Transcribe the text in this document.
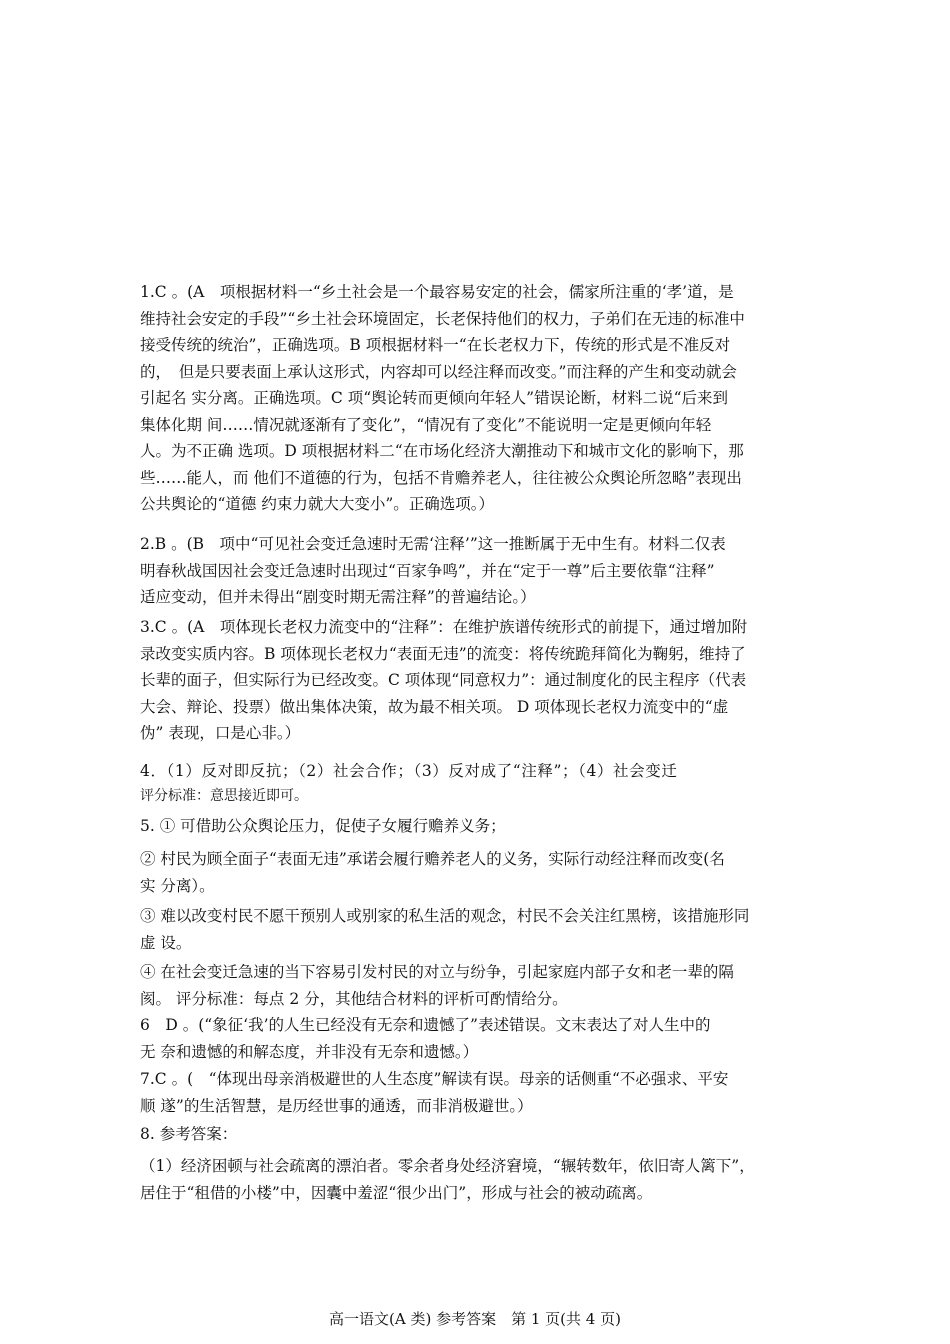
1.C 。(A　项根据材料一“乡土社会是一个最容易安定的社会，儒家所注重的‘孝’道，是
维持社会安定的手段”“乡土社会环境固定，长老保持他们的权力，子弟们在无违的标准中
接受传统的统治”，正确选项。B 项根据材料一“在长老权力下，传统的形式是不准反对
的，　但是只要表面上承认这形式，内容却可以经注释而改变。”而注释的产生和变动就会
引起名 实分离。正确选项。C 项“舆论转而更倾向年轻人”错误论断，材料二说“后来到
集体化期 间……情况就逐渐有了变化”，“情况有了变化”不能说明一定是更倾向年轻
人。为不正确 选项。D 项根据材料二“在市场化经济大潮推动下和城市文化的影响下，那
些……能人，而 他们不道德的行为，包括不肯赡养老人，往往被公众舆论所忽略”表现出
公共舆论的“道德 约束力就大大变小”。正确选项。）
2.B 。(B　项中“可见社会变迁急速时无需‘注释’”这一推断属于无中生有。材料二仅表
明春秋战国因社会变迁急速时出现过“百家争鸣”，并在“定于一尊”后主要依靠“注释”
适应变动，但并未得出“剧变时期无需注释”的普遍结论。）
3.C 。(A　项体现长老权力流变中的“注释”：在维护族谱传统形式的前提下，通过增加附
录改变实质内容。B 项体现长老权力“表面无违”的流变：将传统跪拜简化为鞠躬，维持了
长辈的面子，但实际行为已经改变。C 项体现“同意权力”：通过制度化的民主程序（代表
大会、辩论、投票）做出集体决策，故为最不相关项。 D 项体现长老权力流变中的“虚
伪” 表现，口是心非。）
4．（1）反对即反抗；（2）社会合作；（3）反对成了“注释”；（4）社会变迁
评分标准：意思接近即可。
5. ① 可借助公众舆论压力，促使子女履行赡养义务；
② 村民为顾全面子“表面无违”承诺会履行赡养老人的义务，实际行动经注释而改变(名
实 分离）。
③ 难以改变村民不愿干预别人或别家的私生活的观念，村民不会关注红黑榜，该措施形同
虚 设。
④ 在社会变迁急速的当下容易引发村民的对立与纷争，引起家庭内部子女和老一辈的隔
阂。 评分标准：每点 2 分，其他结合材料的评析可酌情给分。
6　D 。(“象征‘我’的人生已经没有无奈和遗憾了”表述错误。文末表达了对人生中的
无 奈和遗憾的和解态度，并非没有无奈和遗憾。）
7.C 。(　“体现出母亲消极避世的人生态度”解读有误。母亲的话侧重“不必强求、平安
顺 遂”的生活智慧，是历经世事的通透，而非消极避世。）
8. 参考答案：
（1）经济困顿与社会疏离的漂泊者。零余者身处经济窘境，“辗转数年，依旧寄人篱下”，
居住于“租借的小楼”中，因囊中羞涩“很少出门”，形成与社会的被动疏离。
高一语文(A 类) 参考答案　第 1 页(共 4 页)
